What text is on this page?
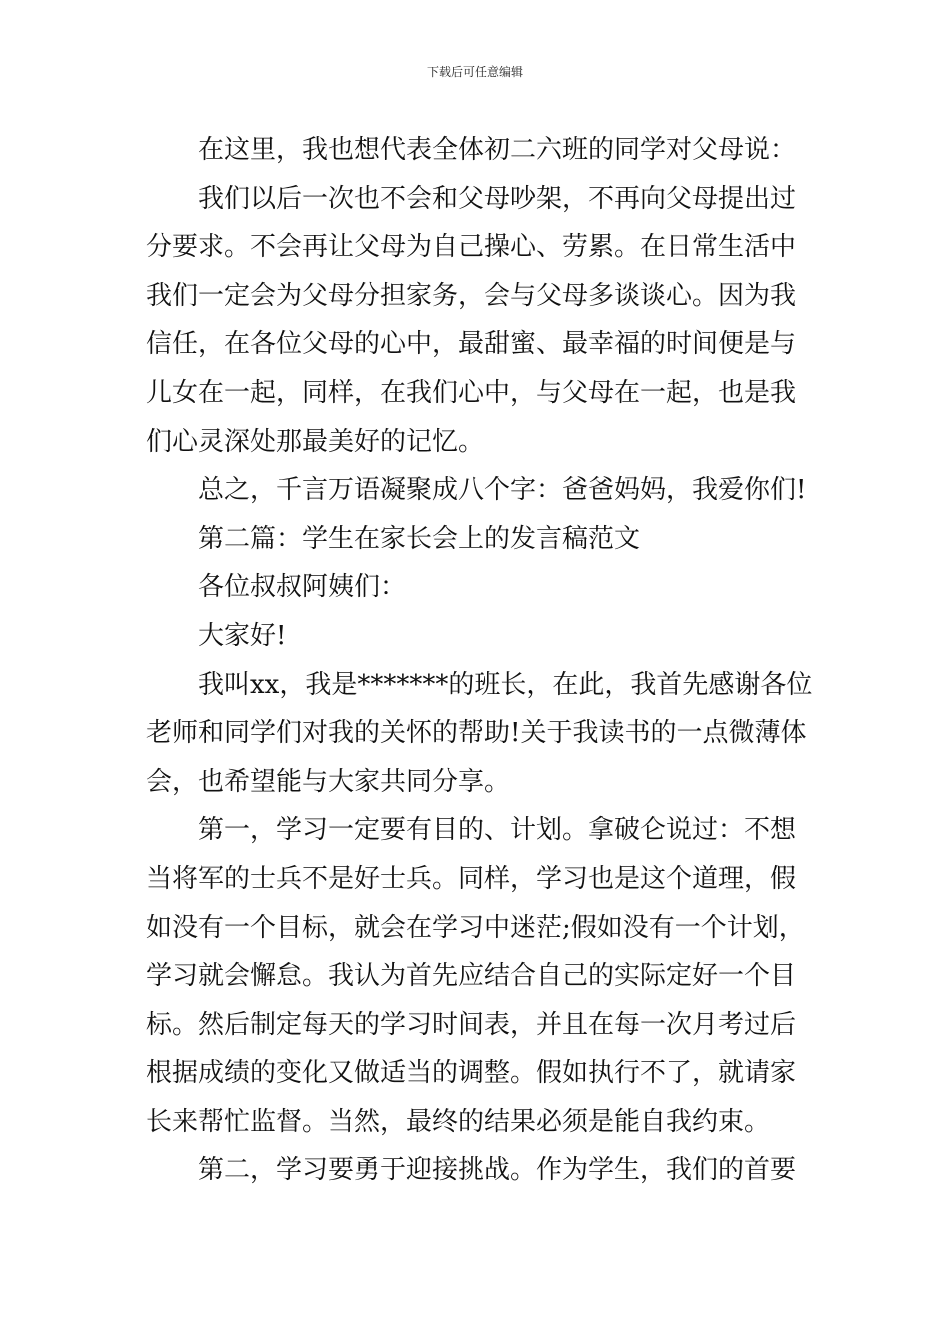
下载后可任意编辑
在这里，我也想代表全体初二六班的同学对父母说：
我们以后一次也不会和父母吵架，不再向父母提出过
分要求。不会再让父母为自己操心、劳累。在日常生活中
我们一定会为父母分担家务，会与父母多谈谈心。因为我
信任，在各位父母的心中，最甜蜜、最幸福的时间便是与
儿女在一起，同样，在我们心中，与父母在一起，也是我
们心灵深处那最美好的记忆。
总之，千言万语凝聚成八个字：爸爸妈妈，我爱你们!
第二篇：学生在家长会上的发言稿范文
各位叔叔阿姨们：
大家好!
我叫xx，我是*******的班长，在此，我首先感谢各位
老师和同学们对我的关怀的帮助!关于我读书的一点微薄体
会，也希望能与大家共同分享。
第一，学习一定要有目的、计划。拿破仑说过：不想
当将军的士兵不是好士兵。同样，学习也是这个道理，假
如没有一个目标，就会在学习中迷茫;假如没有一个计划，
学习就会懈怠。我认为首先应结合自己的实际定好一个目
标。然后制定每天的学习时间表，并且在每一次月考过后
根据成绩的变化又做适当的调整。假如执行不了，就请家
长来帮忙监督。当然，最终的结果必须是能自我约束。
第二，学习要勇于迎接挑战。作为学生，我们的首要
